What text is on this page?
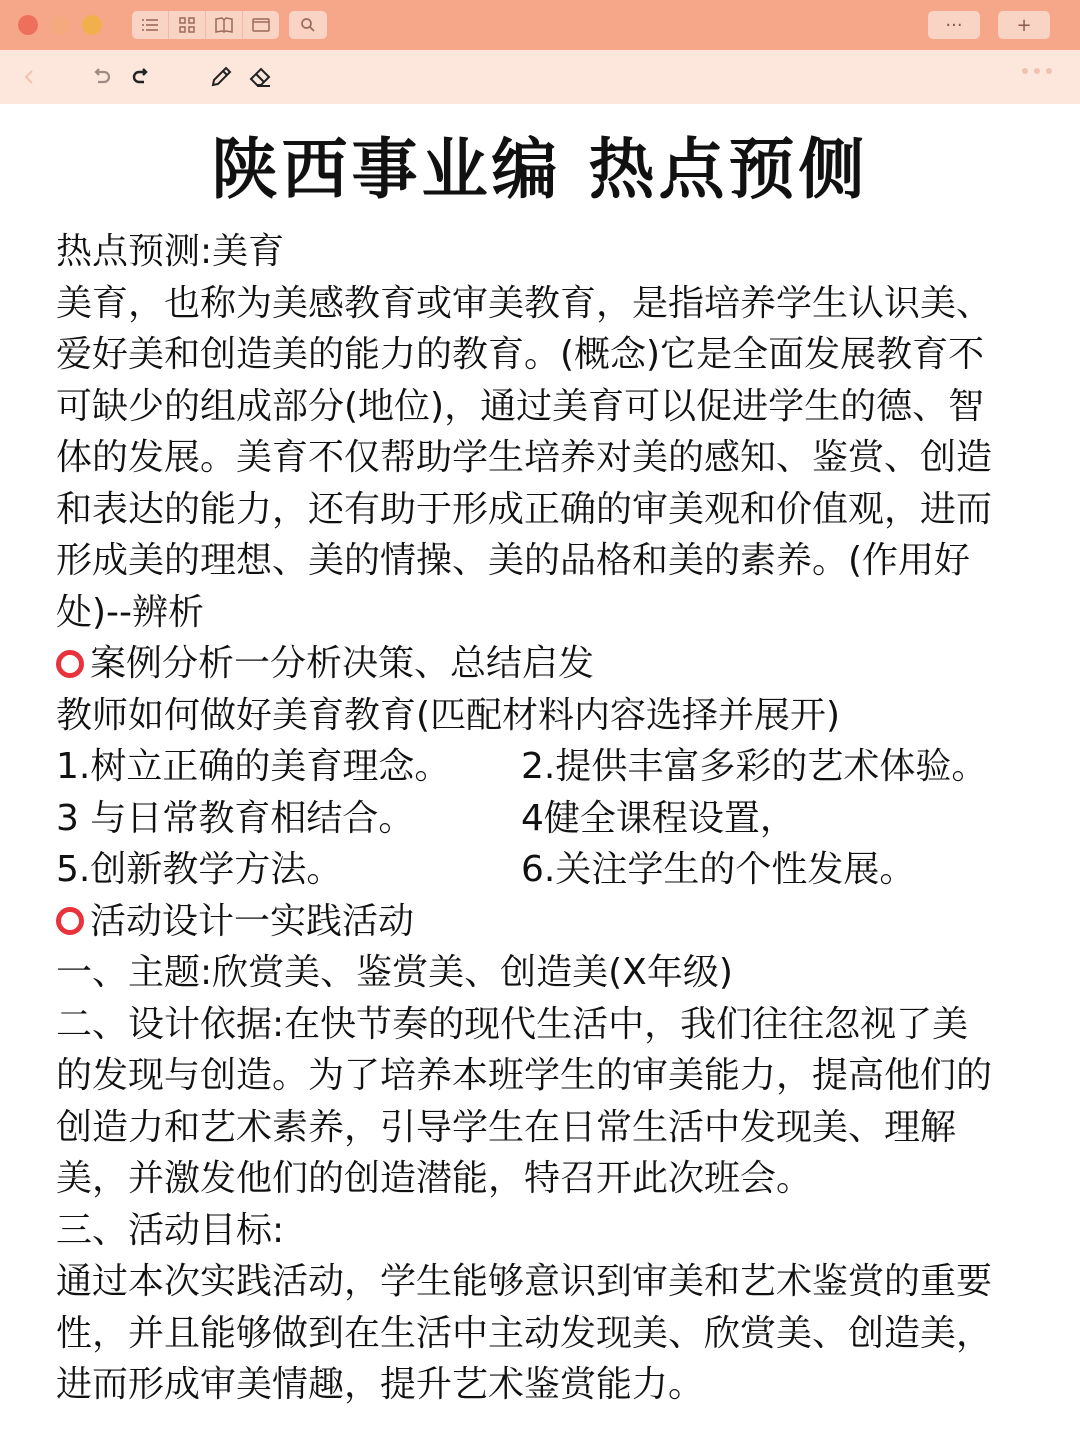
···	+
陕西事业编 热点预侧

热点预测:美育

美育，也称为美感教育或审美教育，是指培养学生认识美、

爱好美和创造美的能力的教育。(概念)它是全面发展教育不

可缺少的组成部分(地位)，通过美育可以促进学生的德、智

体的发展。美育不仅帮助学生培养对美的感知、鉴赏、创造

和表达的能力，还有助于形成正确的审美观和价值观，进而

形成美的理想、美的情操、美的品格和美的素养。(作用好

处)--辨析

案例分析一分析决策、总结启发

教师如何做好美育教育(匹配材料内容选择并展开)

1.树立正确的美育理念。	2.提供丰富多彩的艺术体验。
3 与日常教育相结合。	4健全课程设置，
5.创新教学方法。	6.关注学生的个性发展。
活动设计一实践活动

一、主题:欣赏美、鉴赏美、创造美(X年级)

二、设计依据:在快节奏的现代生活中，我们往往忽视了美

的发现与创造。为了培养本班学生的审美能力，提高他们的

创造力和艺术素养，引导学生在日常生活中发现美、理解

美，并激发他们的创造潜能，特召开此次班会。

三、活动目标:

通过本次实践活动，学生能够意识到审美和艺术鉴赏的重要

性，并且能够做到在生活中主动发现美、欣赏美、创造美，

进而形成审美情趣，提升艺术鉴赏能力。
